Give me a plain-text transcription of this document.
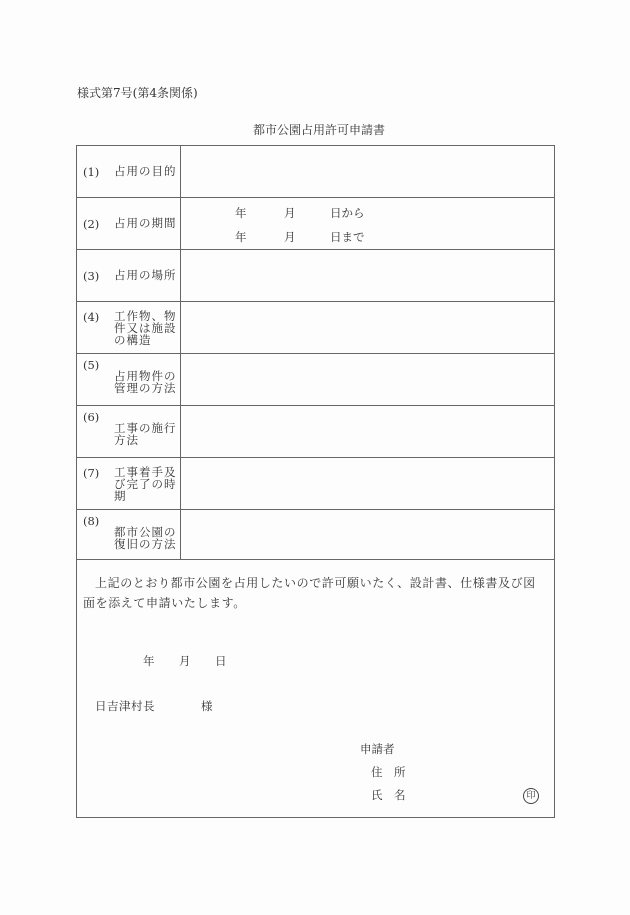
様式第7号(第4条関係)
都市公園占用許可申請書
(1) 占用の目的
(2) 占用の期間
年	月	日から
年	月	日まで
(3) 占用の場所
(4) 工作物、物
件又は施設
の構造
(5)
占用物件の
管理の方法
(6)
工事の施行
方法
(7) 工事着手及
び完了の時
期
(8)
都市公園の
復旧の方法
上記のとおり都市公園を占用したいので許可願いたく、設計書、仕様書及び図面を添えて申請いたします。
年 月 日
日吉津村長	様
申請者
住　所
氏　名	印
